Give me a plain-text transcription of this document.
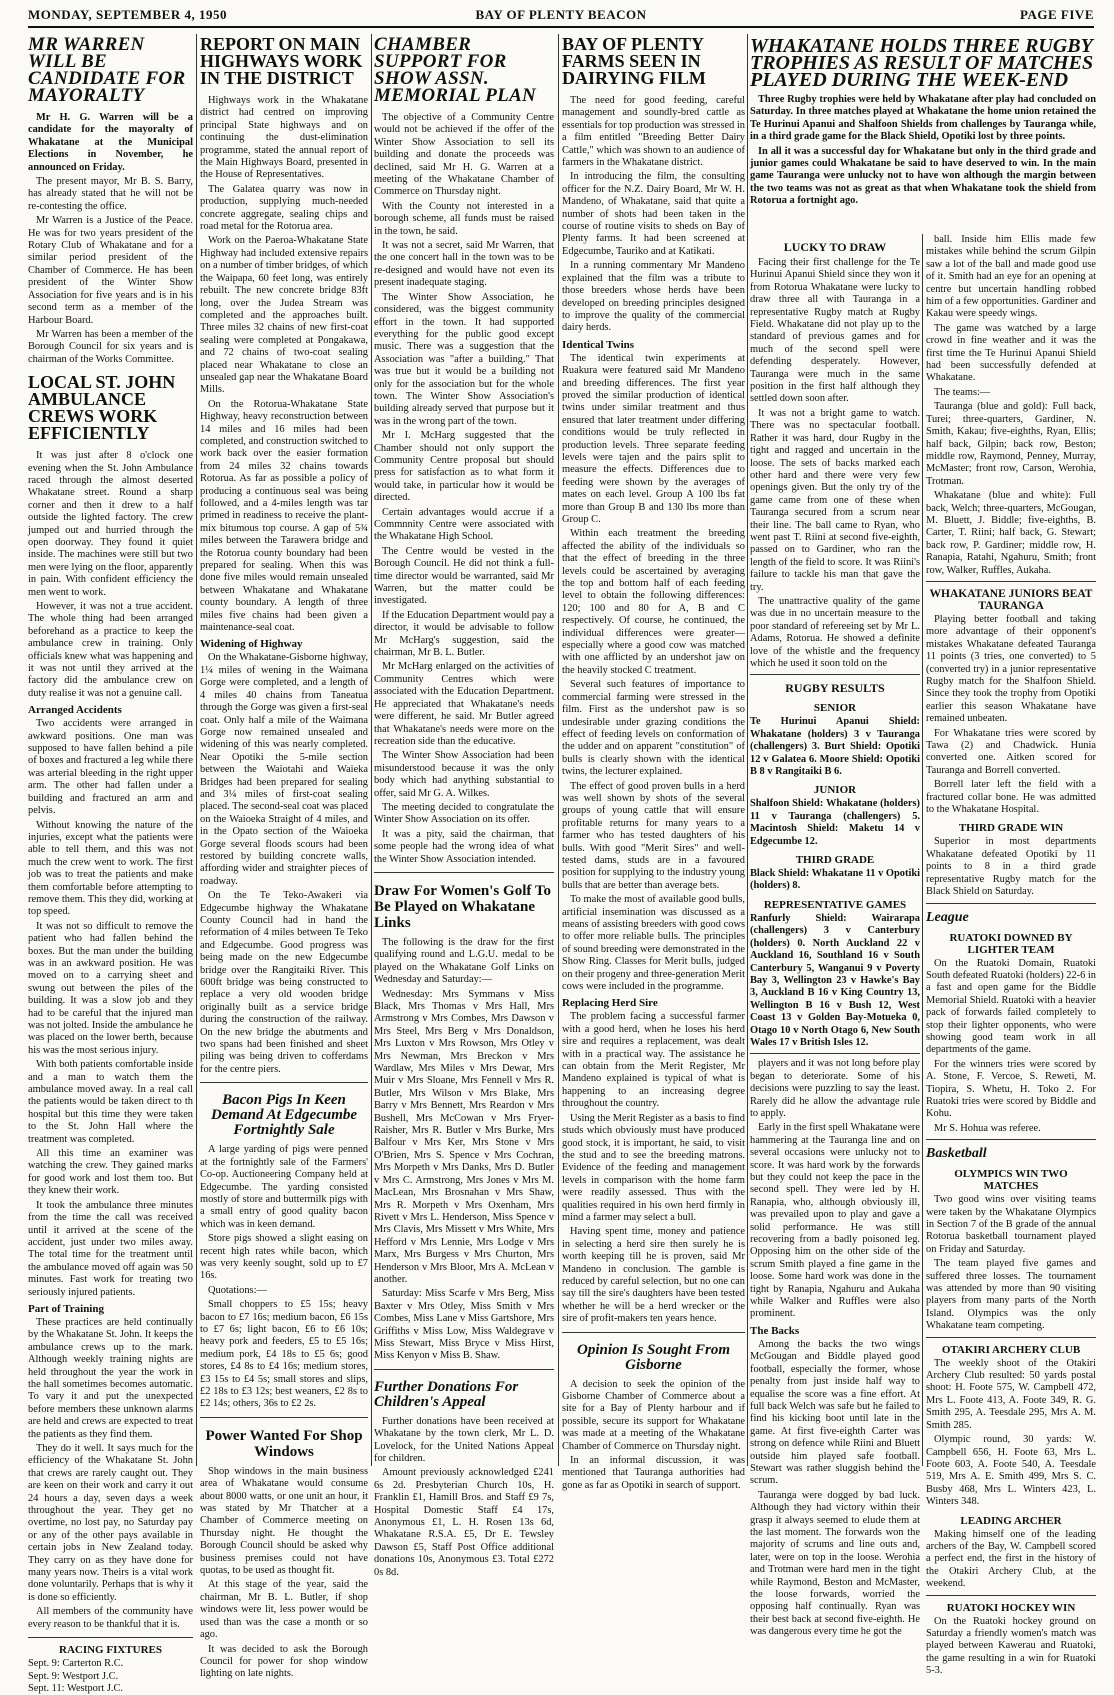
MONDAY, SEPTEMBER 4, 1950	BAY OF PLENTY BEACON	PAGE FIVE
MR WARREN WILL BE CANDIDATE FOR MAYORALTY

Mr H. G. Warren will be a candidate for the mayoralty of Whakatane at the Municipal Elections in November, he announced on Friday.

The present mayor, Mr B. S. Barry, has already stated that he will not be re-contesting the office.

Mr Warren is a Justice of the Peace. He was for two years president of the Rotary Club of Whakatane and for a similar period president of the Chamber of Commerce. He has been president of the Winter Show Association for five years and is in his second term as a member of the Harbour Board.

Mr Warren has been a member of the Borough Council for six years and is chairman of the Works Committee.

LOCAL ST. JOHN AMBULANCE CREWS WORK EFFICIENTLY

It was just after 8 o'clock one evening when the St. John Ambulance raced through the almost deserted Whakatane street. Round a sharp corner and then it drew to a half outside the lighted factory. The crew jumped out and hurried through the open doorway. They found it quiet inside. The machines were still but two men were lying on the floor, apparently in pain. With confident efficiency the men went to work.

However, it was not a true accident. The whole thing had been arranged beforehand as a practice to keep the ambulance crew in training. Only officials knew what was happening and it was not until they arrived at the factory did the ambulance crew on duty realise it was not a genuine call.

Arranged Accidents

Two accidents were arranged in awkward positions. One man was supposed to have fallen behind a pile of boxes and fractured a leg while there was arterial bleeding in the right upper arm. The other had fallen under a building and fractured an arm and pelvis.

Without knowing the nature of the injuries, except what the patients were able to tell them, and this was not much the crew went to work. The first job was to treat the patients and make them comfortable before attempting to remove them. This they did, working at top speed.

It was not so difficult to remove the patient who had fallen behind the boxes. But the man under the building was in an awkward position. He was moved on to a carrying sheet and swung out between the piles of the building. It was a slow job and they had to be careful that the injured man was not jolted. Inside the ambulance he was placed on the lower berth, because his was the most serious injury.

With both patients comfortable inside and a man to watch them the ambulance moved away. In a real call the patients would be taken direct to th hospital but this time they were taken to the St. John Hall where the treatment was completed.

All this time an examiner was watching the crew. They gained marks for good work and lost them too. But they knew their work.

It took the ambulance three minutes from the time the call was received until it arrived at the scene of the accident, just under two miles away. The total time for the treatment until the ambulance moved off again was 50 minutes. Fast work for treating two seriously injured patients.

Part of Training

These practices are held continually by the Whakatane St. John. It keeps the ambulance crews up to the mark. Although weekly training nights are held throughout the year the work in the hall sometimes becomes automatic. To vary it and put the unexpected before members these unknown alarms are held and crews are expected to treat the patients as they find them.

They do it well. It says much for the efficiency of the Whakatane St. John that crews are rarely caught out. They are keen on their work and carry it out 24 hours a day, seven days a week throughout the year. They get no overtime, no lost pay, no Saturday pay or any of the other pays available in certain jobs in New Zealand today. They carry on as they have done for many years now. Theirs is a vital work done voluntarily. Perhaps that is why it is done so efficiently.

All members of the community have every reason to be thankful that it is.

RACING FIXTURES
Sept. 9: Carterton R.C.
Sept. 9: Westport J.C.
Sept. 11: Westport J.C.
REPORT ON MAIN HIGHWAYS WORK IN THE DISTRICT

Highways work in the Whakatane district had centred on improving principal State highways and on continuing the dust-elimination programme, stated the annual report of the Main Highways Board, presented in the House of Representatives.

The Galatea quarry was now in production, supplying much-needed concrete aggregate, sealing chips and road metal for the Rotorua area.

Work on the Paeroa-Whakatane State Highway had included extensive repairs on a number of timber bridges, of which the Waipapa, 60 feet long, was entirely rebuilt. The new concrete bridge 83ft long, over the Judea Stream was completed and the approaches built. Three miles 32 chains of new first-coat sealing were completed at Pongakawa, and 72 chains of two-coat sealing placed near Whakatane to close an unsealed gap near the Whakatane Board Mills.

On the Rotorua-Whakatane State Highway, heavy reconstruction between 14 miles and 16 miles had been completed, and construction switched to work back over the easier formation from 24 miles 32 chains towards Rotorua. As far as possible a policy of producing a continuous seal was being followed, and a 4-miles length was tar primed in readiness to receive the plant-mix bitumous top course. A gap of 5¾ miles between the Tarawera bridge and the Rotorua county boundary had been prepared for sealing. When this was done five miles would remain unsealed between Whakatane and Whakatane county boundary. A length of three miles five chains had been given a maintenance-seal coat.

Widening of Highway

On the Whakatane-Gisborne highway, 1¼ miles of wening in the Waimana Gorge were completed, and a length of 4 miles 40 chains from Taneatua through the Gorge was given a first-seal coat. Only half a mile of the Waimana Gorge now remained unsealed and widening of this was nearly completed. Near Opotiki the 5-mile section between the Waiotahi and Waieka Bridges had been prepared for sealing and 3¼ miles of first-coat sealing placed. The second-seal coat was placed on the Waioeka Straight of 4 miles, and in the Opato section of the Waioeka Gorge several floods scours had been restored by building concrete walls, affording wider and straighter pieces of roadway.

On the Te Teko-Awakeri via Edgecumbe highway the Whakatane County Council had in hand the reformation of 4 miles between Te Teko and Edgecumbe. Good progress was being made on the new Edgecumbe bridge over the Rangitaiki River. This 600ft bridge was being constructed to replace a very old wooden bridge originally built as a service bridge during the construction of the railway. On the new bridge the abutments and two spans had been finished and sheet piling was being driven to cofferdams for the centre piers.

Bacon Pigs In Keen Demand At Edgecumbe Fortnightly Sale

A large yarding of pigs were penned at the fortnightly sale of the Farmers' Co-op. Auctioneering Company held at Edgecumbe. The yarding consisted mostly of store and buttermilk pigs with a small entry of good quality bacon which was in keen demand.

Store pigs showed a slight easing on recent high rates while bacon, which was very keenly sought, sold up to £7 16s.

Quotations:—

Small choppers to £5 15s; heavy bacon to £7 16s; medium bacon, £6 15s to £7 6s; light bacon, £6 to £6 10s; heavy pork and feeders, £5 to £5 16s; medium pork, £4 18s to £5 6s; good stores, £4 8s to £4 16s; medium stores, £3 15s to £4 5s; small stores and slips, £2 18s to £3 12s; best weaners, £2 8s to £2 14s; others, 36s to £2 2s.

Power Wanted For Shop Windows

Shop windows in the main business area of Whakatane would consume about 8000 watts, or one unit an hour, it was stated by Mr Thatcher at a Chamber of Commerce meeting on Thursday night. He thought the Borough Council should be asked why business premises could not have quotas, to be used as thought fit.

At this stage of the year, said the chairman, Mr B. L. Butler, if shop windows were lit, less power would be used than was the case a month or so ago.

It was decided to ask the Borough Council for power for shop window lighting on late nights.

CHAMBER SUPPORT FOR SHOW ASSN. MEMORIAL PLAN

The objective of a Community Centre would not be achieved if the offer of the Winter Show Association to sell its building and donate the proceeds was declined, said Mr H. G. Warren at a meeting of the Whakatane Chamber of Commerce on Thursday night.

With the County not interested in a borough scheme, all funds must be raised in the town, he said.

It was not a secret, said Mr Warren, that the one concert hall in the town was to be re-designed and would have not even its present inadequate staging.

The Winter Show Association, he considered, was the biggest community effort in the town. It had supported everything for the public good except music. There was a suggestion that the Association was "after a building." That was true but it would be a building not only for the association but for the whole town. The Winter Show Association's building already served that purpose but it was in the wrong part of the town.

Mr I. McHarg suggested that the Chamber should not only support the Community Centre proposal but should press for satisfaction as to what form it would take, in particular how it would be directed.

Certain advantages would accrue if a Commnnity Centre were associated with the Whakatane High School.

The Centre would be vested in the Borough Council. He did not think a full-time director would be warranted, said Mr Warren, but the matter could be investigated.

If the Education Department would pay a director, it would be advisable to follow Mr McHarg's suggestion, said the chairman, Mr B. L. Butler.

Mr McHarg enlarged on the activities of Community Centres which were associated with the Education Department. He appreciated that Whakatane's needs were different, he said. Mr Butler agreed that Whakatane's needs were more on the recreation side than the educative.

The Winter Show Association had been misunderstood because it was the only body which had anything substantial to offer, said Mr G. A. Wilkes.

The meeting decided to congratulate the Winter Show Association on its offer.

It was a pity, said the chairman, that some people had the wrong idea of what the Winter Show Association intended.

Draw For Women's Golf To Be Played on Whakatane Links

The following is the draw for the first qualifying round and L.G.U. medal to be played on the Whakatane Golf Links on Wednesday and Saturday:—

Wednesday: Mrs Symmans v Miss Black, Mrs Thomas v Mrs Hall, Mrs Armstrong v Mrs Combes, Mrs Dawson v Mrs Steel, Mrs Berg v Mrs Donaldson, Mrs Luxton v Mrs Rowson, Mrs Otley v Mrs Newman, Mrs Breckon v Mrs Wardlaw, Mrs Miles v Mrs Dewar, Mrs Muir v Mrs Sloane, Mrs Fennell v Mrs R. Butler, Mrs Wilson v Mrs Blake, Mrs Barry v Mrs Bennett, Mrs Reardon v Mrs Bushell, Mrs McCowan v Mrs Fryer-Raisher, Mrs R. Butler v Mrs Burke, Mrs Balfour v Mrs Ker, Mrs Stone v Mrs O'Brien, Mrs S. Spence v Mrs Cochran, Mrs Morpeth v Mrs Danks, Mrs D. Butler v Mrs C. Armstrong, Mrs Jones v Mrs M. MacLean, Mrs Brosnahan v Mrs Shaw, Mrs R. Morpeth v Mrs Oxenham, Mrs Rivett v Mrs L. Henderson, Miss Spence v Mrs Clavis, Mrs Missett v Mrs White, Mrs Hefford v Mrs Lennie, Mrs Lodge v Mrs Marx, Mrs Burgess v Mrs Churton, Mrs Henderson v Mrs Bloor, Mrs A. McLean v another.

Saturday: Miss Scarfe v Mrs Berg, Miss Baxter v Mrs Otley, Miss Smith v Mrs Combes, Miss Lane v Miss Gartshore, Mrs Griffiths v Miss Low, Miss Waldegrave v Miss Stewart, Miss Bryce v Miss Hirst, Miss Kenyon v Miss B. Shaw.

Further Donations For Children's Appeal

Further donations have been received at Whakatane by the town clerk, Mr L. D. Lovelock, for the United Nations Appeal for children.

Amount previously acknowledged £241 6s 2d. Presbyterian Church 10s, H. Franklin £1, Hamill Bros. and Staff £9 7s, Hospital Domestic Staff £4 17s, Anonymous £1, L. H. Rosen 13s 6d, Whakatane R.S.A. £5, Dr E. Tewsley Dawson £5, Staff Post Office additional donations 10s, Anonymous £3. Total £272 0s 8d.

BAY OF PLENTY FARMS SEEN IN DAIRYING FILM

The need for good feeding, careful management and soundly-bred cattle as essentials for top production was stressed in a film entitled "Breeding Better Dairy Cattle," which was shown to an audience of farmers in the Whakatane district.

In introducing the film, the consulting officer for the N.Z. Dairy Board, Mr W. H. Mandeno, of Whakatane, said that quite a number of shots had been taken in the course of routine visits to sheds on Bay of Plenty farms. It had been screened at Edgecumbe, Tauriko and at Katikati.

In a running commentary Mr Mandeno explained that the film was a tribute to those breeders whose herds have been developed on breeding principles designed to improve the quality of the commercial dairy herds.

Identical Twins

The identical twin experiments at Ruakura were featured said Mr Mandeno and breeding differences. The first year proved the similar production of identical twins under similar treatment and thus ensured that later treatment under differing conditions would be truly reflected in production levels. Three separate feeding levels were tajen and the pairs split to measure the effects. Differences due to feeding were shown by the averages of mates on each level. Group A 100 lbs fat more than Group B and 130 lbs more than Group C.

Within each treatment the breeding affected the ability of the individuals so that the effect of breeding in the three levels could be ascertained by averaging the top and bottom half of each feeding level to obtain the following differences: 120; 100 and 80 for A, B and C respectively. Of course, he continued, the individual differences were greater—especially where a good cow was matched with one afflicted by an undershot jaw on the heavily stocked C treatment.

Several such features of importance to commercial farming were stressed in the film. First as the undershot paw is so undesirable under grazing conditions the effect of feeding levels on conformation of the udder and on apparent "constitution" of bulls is clearly shown with the identical twins, the lecturer explained.

The effect of good proven bulls in a herd was well shown by shots of the several groups of young cattle that will ensure profitable returns for many years to a farmer who has tested daughters of his bulls. With good "Merit Sires" and well-tested dams, studs are in a favoured position for supplying to the industry young bulls that are better than average bets.

To make the most of available good bulls, artificial insemination was discussed as a means of assisting breeders with good cows to offer more reliable bulls. The principles of sound breeding were demonstrated in the Show Ring. Classes for Merit bulls, judged on their progeny and three-generation Merit cows were included in the programme.

Replacing Herd Sire

The problem facing a successful farmer with a good herd, when he loses his herd sire and requires a replacement, was dealt with in a practical way. The assistance he can obtain from the Merit Register, Mr Mandeno explained is typical of what is happening to an increasing degree throughout the country.

Using the Merit Register as a basis to find studs which obviously must have produced good stock, it is important, he said, to visit the stud and to see the breeding matrons. Evidence of the feeding and management levels in comparison with the home farm were readily assessed. Thus with the qualities required in his own herd firmly in mind a farmer may select a bull.

Having spent time, money and patience in selecting a herd sire then surely he is worth keeping till he is proven, said Mr Mandeno in conclusion. The gamble is reduced by careful selection, but no one can say till the sire's daughters have been tested whether he will be a herd wrecker or the sire of profit-makers ten years hence.

Opinion Is Sought From Gisborne

A decision to seek the opinion of the Gisborne Chamber of Commerce about a site for a Bay of Plenty harbour and if possible, secure its support for Whakatane was made at a meeting of the Whakatane Chamber of Commerce on Thursday night.

In an informal discussion, it was mentioned that Tauranga authorities had gone as far as Opotiki in search of support.

WHAKATANE HOLDS THREE RUGBY TROPHIES AS RESULT OF MATCHES PLAYED DURING THE WEEK-END

Three Rugby trophies were held by Whakatane after play had concluded on Saturday. In three matches played at Whakatane the home union retained the Te Hurinui Apanui and Shalfoon Shields from challenges by Tauranga while, in a third grade game for the Black Shield, Opotiki lost by three points.

In all it was a successful day for Whakatane but only in the third grade and junior games could Whakatane be said to have deserved to win. In the main game Tauranga were unlucky not to have won although the margin between the two teams was not as great as that when Whakatane took the shield from Rotorua a fortnight ago.

LUCKY TO DRAW

Facing their first challenge for the Te Hurinui Apanui Shield since they won it from Rotorua Whakatane were lucky to draw three all with Tauranga in a representative Rugby match at Rugby Field. Whakatane did not play up to the standard of previous games and for much of the second spell were defending desperately. However, Tauranga were much in the same position in the first half although they settled down soon after.

It was not a bright game to watch. There was no spectacular football. Rather it was hard, dour Rugby in the tight and ragged and uncertain in the loose. The sets of backs marked each other hard and there were very few openings given. But the only try of the game came from one of these when Tauranga secured from a scrum near their line. The ball came to Ryan, who went past T. Riini at second five-eighth, passed on to Gardiner, who ran the length of the field to score. It was Riini's failure to tackle his man that gave the try.

The unattractive quality of the game was due in no uncertain measure to the poor standard of refereeing set by Mr L. Adams, Rotorua. He showed a definite love of the whistle and the frequency which he used it soon told on the

RUGBY RESULTS
SENIOR

Te Hurinui Apanui Shield: Whakatane (holders) 3 v Tauranga (challengers) 3. Burt Shield: Opotiki 12 v Galatea 6. Moore Shield: Opotiki B 8 v Rangitaiki B 6.

JUNIOR

Shalfoon Shield: Whakatane (holders) 11 v Tauranga (challengers) 5. Macintosh Shield: Maketu 14 v Edgecumbe 12.

THIRD GRADE

Black Shield: Whakatane 11 v Opotiki (holders) 8.

REPRESENTATIVE GAMES

Ranfurly Shield: Wairarapa (challengers) 3 v Canterbury (holders) 0. North Auckland 22 v Auckland 16, Southland 16 v South Canterbury 5, Wanganui 9 v Poverty Bay 3, Wellington 23 v Hawke's Bay 3, Auckland B 16 v King Country 13, Wellington B 16 v Bush 12, West Coast 13 v Golden Bay-Motueka 0, Otago 10 v North Otago 6, New South Wales 17 v British Isles 12.

players and it was not long before play began to deteriorate. Some of his decisions were puzzling to say the least. Rarely did he allow the advantage rule to apply.

Early in the first spell Whakatane were hammering at the Tauranga line and on several occasions were unlucky not to score. It was hard work by the forwards but they could not keep the pace in the second spell. They were led by H. Ranapia, who, although obviously ill, was prevailed upon to play and gave a solid performance. He was still recovering from a badly poisoned leg. Opposing him on the other side of the scrum Smith played a fine game in the loose. Some hard work was done in the tight by Ranapia, Ngahuru and Aukaha while Walker and Ruffles were also prominent.

The Backs

Among the backs the two wings McGougan and Biddle played good football, especially the former, whose penalty from just inside half way to equalise the score was a fine effort. At full back Welch was safe but he failed to find his kicking boot until late in the game. At first five-eighth Carter was strong on defence while Riini and Bluett outside him played safe football. Stewart was rather sluggish behind the scrum.

Tauranga were dogged by bad luck. Although they had victory within their grasp it always seemed to elude them at the last moment. The forwards won the majority of scrums and line outs and, later, were on top in the loose. Werohia and Trotman were hard men in the tight while Raymond, Beston and McMaster, the loose forwards, worried the opposing half continually. Ryan was their best back at second five-eighth. He was dangerous every time he got the

ball. Inside him Ellis made few mistakes while behind the scrum Gilpin saw a lot of the ball and made good use of it. Smith had an eye for an opening at centre but uncertain handling robbed him of a few opportunities. Gardiner and Kakau were speedy wings.

The game was watched by a large crowd in fine weather and it was the first time the Te Hurinui Apanui Shield had been successfully defended at Whakatane.

The teams:—

Tauranga (blue and gold): Full back, Turei; three-quarters, Gardiner, N. Smith, Kakau; five-eighths, Ryan, Ellis; half back, Gilpin; back row, Beston; middle row, Raymond, Penney, Murray, McMaster; front row, Carson, Werohia, Trotman.

Whakatane (blue and white): Full back, Welch; three-quarters, McGougan, M. Bluett, J. Biddle; five-eighths, B. Carter, T. Riini; half back, G. Stewart; back row, P. Gardiner; middle row, H. Ranapia, Ratahi, Ngahuru, Smith; front row, Walker, Ruffles, Aukaha.

WHAKATANE JUNIORS BEAT TAURANGA

Playing better football and taking more advantage of their opponent's mistakes Whakatane defeated Tauranga 11 points (3 tries, one converted) to 5 (converted try) in a junior representative Rugby match for the Shalfoon Shield. Since they took the trophy from Opotiki earlier this season Whakatane have remained unbeaten.

For Whakatane tries were scored by Tawa (2) and Chadwick. Hunia converted one. Aitken scored for Tauranga and Borrell converted.

Borrell later left the field with a fractured collar bone. He was admitted to the Whakatane Hospital.

THIRD GRADE WIN

Superior in most departments Whakatane defeated Opotiki by 11 points to 8 in a third grade representative Rugby match for the Black Shield on Saturday.

League
RUATOKI DOWNED BY LIGHTER TEAM

On the Ruatoki Domain, Ruatoki South defeated Ruatoki (holders) 22-6 in a fast and open game for the Biddle Memorial Shield. Ruatoki with a heavier pack of forwards failed completely to stop their lighter opponents, who were showing good team work in all departments of the game.

For the winners tries were scored by A. Stone, F. Vercoe, S. Reweti, M. Tiopira, S. Whetu, H. Toko 2. For Ruatoki tries were scored by Biddle and Kohu.

Mr S. Hohua was referee.

Basketball
OLYMPICS WIN TWO MATCHES

Two good wins over visiting teams were taken by the Whakatane Olympics in Section 7 of the B grade of the annual Rotorua basketball tournament played on Friday and Saturday.

The team played five games and suffered three losses. The tournament was attended by more than 90 visiting players from many parts of the North Island. Olympics was the only Whakatane team competing.

OTAKIRI ARCHERY CLUB

The weekly shoot of the Otakiri Archery Club resulted: 50 yards postal shoot: H. Foote 575, W. Campbell 472, Mrs L. Foote 413, A. Foote 349, R. G. Smith 295, A. Teesdale 295, Mrs A. M. Smith 285.

Olympic round, 30 yards: W. Campbell 656, H. Foote 63, Mrs L. Foote 603, A. Foote 540, A. Teesdale 519, Mrs A. E. Smith 499, Mrs S. C. Busby 468, Mrs L. Winters 423, L. Winters 348.

LEADING ARCHER

Making himself one of the leading archers of the Bay, W. Campbell scored a perfect end, the first in the history of the Otakiri Archery Club, at the weekend.

RUATOKI HOCKEY WIN

On the Ruatoki hockey ground on Saturday a friendly women's match was played between Kawerau and Ruatoki, the game resulting in a win for Ruatoki 5-3.
